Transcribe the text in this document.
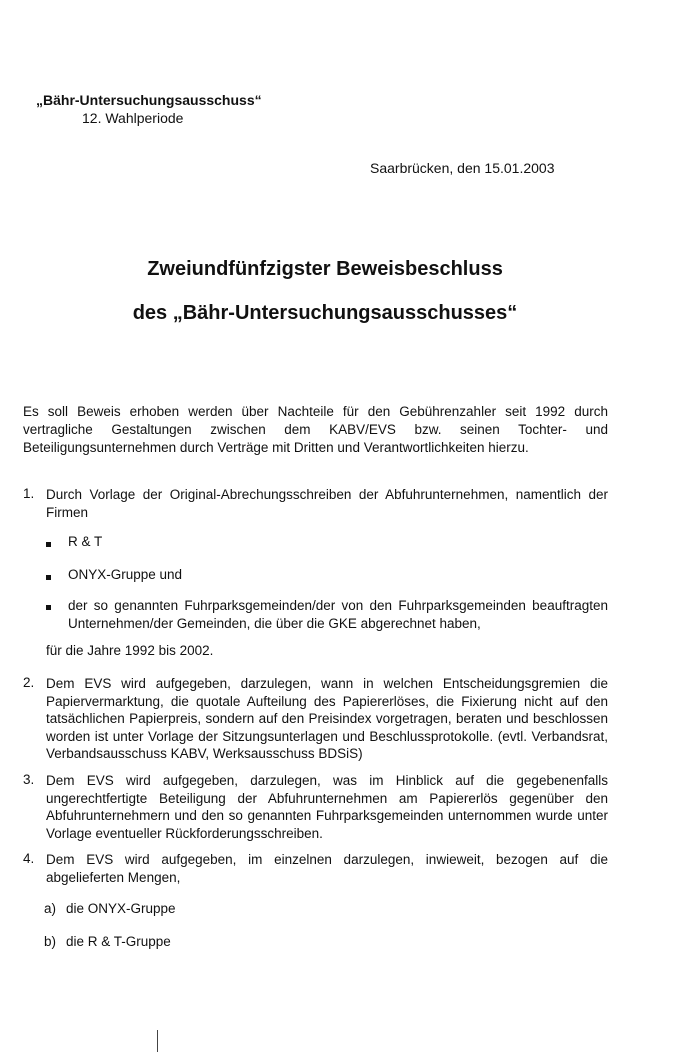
„Bähr-Untersuchungsausschuss“
12. Wahlperiode
Saarbrücken, den 15.01.2003
Zweiundfünfzigster Beweisbeschluss
des „Bähr-Untersuchungsausschusses“
Es soll Beweis erhoben werden über Nachteile für den Gebührenzahler seit 1992 durch vertragliche Gestaltungen zwischen dem KABV/EVS bzw. seinen Tochter- und Beteiligungsunternehmen durch Verträge mit Dritten und Verantwortlichkeiten hierzu.
1. Durch Vorlage der Original-Abrechungsschreiben der Abfuhrunternehmen, namentlich der Firmen
R & T
ONYX-Gruppe und
der so genannten Fuhrparksgemeinden/der von den Fuhrparksgemeinden beauftragten Unternehmen/der Gemeinden, die über die GKE abgerechnet haben,
für die Jahre 1992 bis 2002.
2. Dem EVS wird aufgegeben, darzulegen, wann in welchen Entscheidungsgremien die Papiervermarktung, die quotale Aufteilung des Papiererlöses, die Fixierung nicht auf den tatsächlichen Papierpreis, sondern auf den Preisindex vorgetragen, beraten und beschlossen worden ist unter Vorlage der Sitzungsunterlagen und Beschlussprotokolle. (evtl. Verbandsrat, Verbandsausschuss KABV, Werksausschuss BDSiS)
3. Dem EVS wird aufgegeben, darzulegen, was im Hinblick auf die gegebenenfalls ungerechtfertigte Beteiligung der Abfuhrunternehmen am Papiererlös gegenüber den Abfuhrunternehmern und den so genannten Fuhrparksgemeinden unternommen wurde unter Vorlage eventueller Rückforderungsschreiben.
4. Dem EVS wird aufgegeben, im einzelnen darzulegen, inwieweit, bezogen auf die abgelieferten Mengen,
a) die ONYX-Gruppe
b) die R & T-Gruppe
